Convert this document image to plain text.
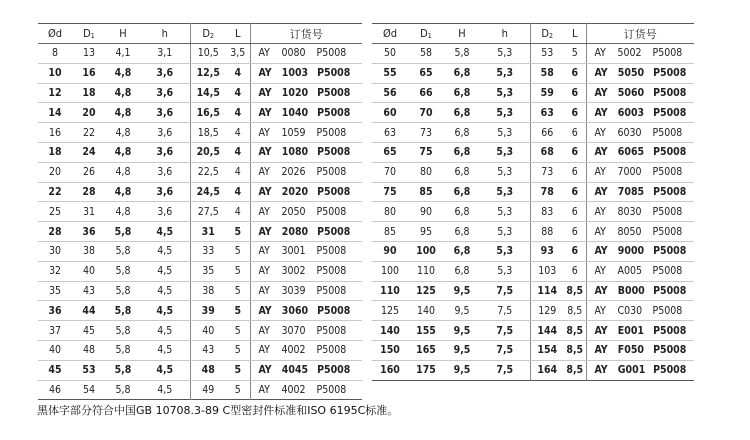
Ød	$D_1$	H	h	$D_2$	L	订货号
8	13	4,1	3,1	10,5	3,5	AY 0080 P5008
10	16	4,8	3,6	12,5	4	AY 1003 P5008
12	18	4,8	3,6	14,5	4	AY 1020 P5008
14	20	4,8	3,6	16,5	4	AY 1040 P5008
16	22	4,8	3,6	18,5	4	AY 1059 P5008
18	24	4,8	3,6	20,5	4	AY 1080 P5008
20	26	4,8	3,6	22,5	4	AY 2026 P5008
22	28	4,8	3,6	24,5	4	AY 2020 P5008
25	31	4,8	3,6	27,5	4	AY 2050 P5008
28	36	5,8	4,5	31	5	AY 2080 P5008
30	38	5,8	4,5	33	5	AY 3001 P5008
32	40	5,8	4,5	35	5	AY 3002 P5008
35	43	5,8	4,5	38	5	AY 3039 P5008
36	44	5,8	4,5	39	5	AY 3060 P5008
37	45	5,8	4,5	40	5	AY 3070 P5008
40	48	5,8	4,5	43	5	AY 4002 P5008
45	53	5,8	4,5	48	5	AY 4045 P5008
46	54	5,8	4,5	49	5	AY 4002 P5008
Ød	$D_1$	H	h	$D_2$	L	订货号
50	58	5,8	5,3	53	5	AY 5002 P5008
55	65	6,8	5,3	58	6	AY 5050 P5008
56	66	6,8	5,3	59	6	AY 5060 P5008
60	70	6,8	5,3	63	6	AY 6003 P5008
63	73	6,8	5,3	66	6	AY 6030 P5008
65	75	6,8	5,3	68	6	AY 6065 P5008
70	80	6,8	5,3	73	6	AY 7000 P5008
75	85	6,8	5,3	78	6	AY 7085 P5008
80	90	6,8	5,3	83	6	AY 8030 P5008
85	95	6,8	5,3	88	6	AY 8050 P5008
90	100	6,8	5,3	93	6	AY 9000 P5008
100	110	6,8	5,3	103	6	AY A005 P5008
110	125	9,5	7,5	114	8,5	AY B000 P5008
125	140	9,5	7,5	129	8,5	AY C030 P5008
140	155	9,5	7,5	144	8,5	AY E001 P5008
150	165	9,5	7,5	154	8,5	AY F050 P5008
160	175	9,5	7,5	164	8,5	AY G001 P5008
黑体字部分符合中国GB 10708.3-89 C型密封件标准和ISO 6195C标准。
